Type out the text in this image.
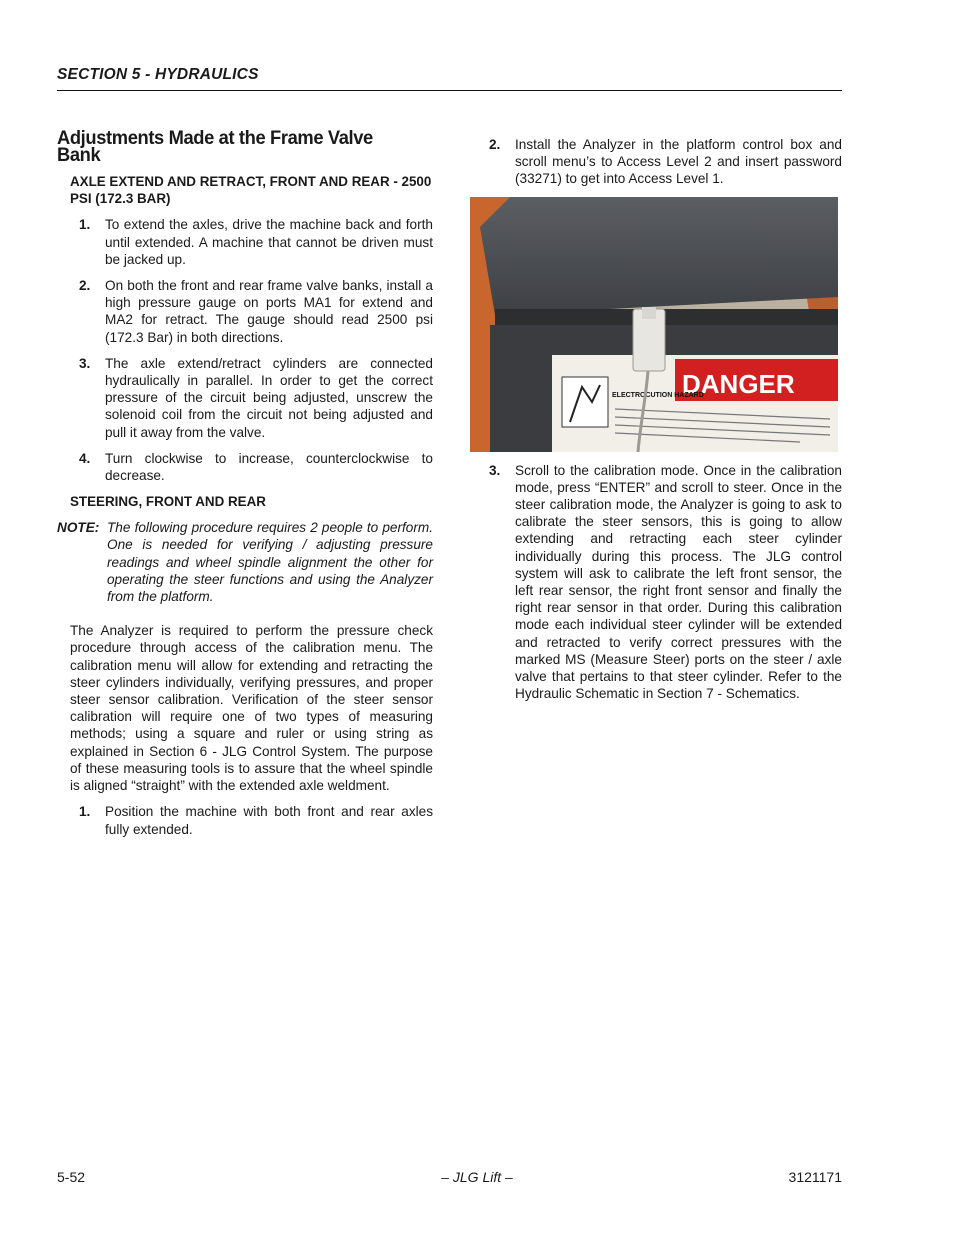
SECTION 5 - HYDRAULICS
Adjustments Made at the Frame Valve Bank
AXLE EXTEND AND RETRACT, FRONT AND REAR - 2500 PSI (172.3 BAR)
1.	To extend the axles, drive the machine back and forth until extended. A machine that cannot be driven must be jacked up.
2.	On both the front and rear frame valve banks, install a high pressure gauge on ports MA1 for extend and MA2 for retract. The gauge should read 2500 psi (172.3 Bar) in both directions.
3.	The axle extend/retract cylinders are connected hydraulically in parallel. In order to get the correct pressure of the circuit being adjusted, unscrew the solenoid coil from the circuit not being adjusted and pull it away from the valve.
4.	Turn clockwise to increase, counterclockwise to decrease.
STEERING, FRONT AND REAR
NOTE: The following procedure requires 2 people to perform. One is needed for verifying / adjusting pressure readings and wheel spindle alignment the other for operating the steer functions and using the Analyzer from the platform.

The Analyzer is required to perform the pressure check procedure through access of the calibration menu. The calibration menu will allow for extending and retracting the steer cylinders individually, verifying pressures, and proper steer sensor calibration. Verification of the steer sensor calibration will require one of two types of measuring methods; using a square and ruler or using string as explained in Section 6 - JLG Control System. The purpose of these measuring tools is to assure that the wheel spindle is aligned “straight” with the extended axle weldment.

1.	Position the machine with both front and rear axles fully extended.
2.	Install the Analyzer in the platform control box and scroll menu’s to Access Level 2 and insert password (33271) to get into Access Level 1.
DANGER
ELECTROCUTION HAZARD
3.	Scroll to the calibration mode. Once in the calibration mode, press “ENTER” and scroll to steer. Once in the steer calibration mode, the Analyzer is going to ask to calibrate the steer sensors, this is going to allow extending and retracting each steer cylinder individually during this process. The JLG control system will ask to calibrate the left front sensor, the left rear sensor, the right front sensor and finally the right rear sensor in that order. During this calibration mode each individual steer cylinder will be extended and retracted to verify correct pressures with the marked MS (Measure Steer) ports on the steer / axle valve that pertains to that steer cylinder. Refer to the Hydraulic Schematic in Section 7 - Schematics.
5-52	– JLG Lift –	3121171
